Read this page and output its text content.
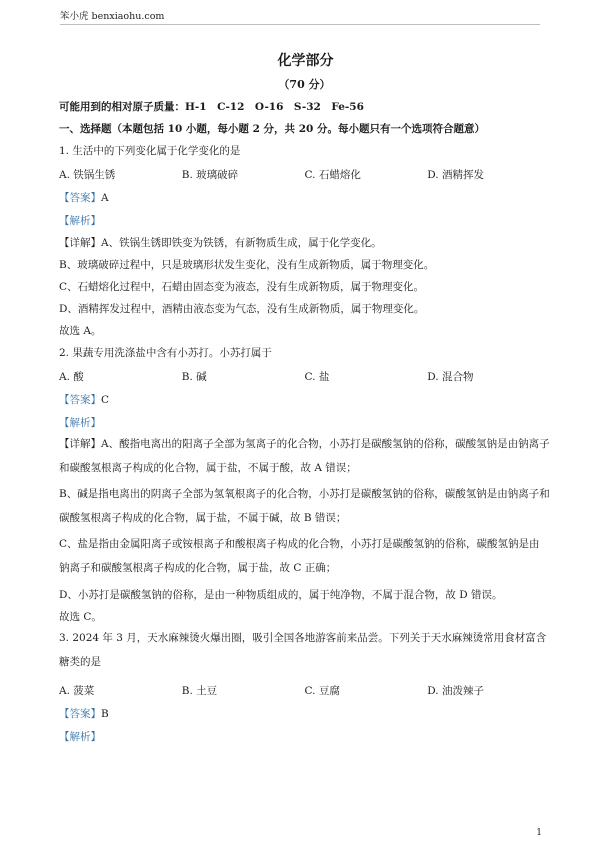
笨小虎 benxiaohu.com
化学部分
（70 分）
可能用到的相对原子质量：H-1　C-12　O-16　S-32　Fe-56
一、选择题（本题包括 10 小题，每小题 2 分，共 20 分。每小题只有一个选项符合题意）
1. 生活中的下列变化属于化学变化的是
A. 铁锅生锈	B. 玻璃破碎	C. 石蜡熔化	D. 酒精挥发
【答案】A
【解析】
【详解】A、铁锅生锈即铁变为铁锈，有新物质生成，属于化学变化。
B、玻璃破碎过程中，只是玻璃形状发生变化，没有生成新物质，属于物理变化。
C、石蜡熔化过程中，石蜡由固态变为液态，没有生成新物质，属于物理变化。
D、酒精挥发过程中，酒精由液态变为气态，没有生成新物质，属于物理变化。
故选 A。
2. 果蔬专用洗涤盐中含有小苏打。小苏打属于
A. 酸	B. 碱	C. 盐	D. 混合物
【答案】C
【解析】
【详解】A、酸指电离出的阳离子全部为氢离子的化合物，小苏打是碳酸氢钠的俗称，碳酸氢钠是由钠离子和碳酸氢根离子构成的化合物，属于盐，不属于酸，故 A 错误；
B、碱是指电离出的阴离子全部为氢氧根离子的化合物，小苏打是碳酸氢钠的俗称，碳酸氢钠是由钠离子和碳酸氢根离子构成的化合物，属于盐，不属于碱，故 B 错误；
C、盐是指由金属阳离子或铵根离子和酸根离子构成的化合物，小苏打是碳酸氢钠的俗称，碳酸氢钠是由钠离子和碳酸氢根离子构成的化合物，属于盐，故 C 正确；
D、小苏打是碳酸氢钠的俗称，是由一种物质组成的，属于纯净物，不属于混合物，故 D 错误。
故选 C。
3. 2024 年 3 月，天水麻辣烫火爆出圈，吸引全国各地游客前来品尝。下列关于天水麻辣烫常用食材富含糖类的是
A. 菠菜	B. 土豆	C. 豆腐	D. 油泼辣子
【答案】B
【解析】
1
